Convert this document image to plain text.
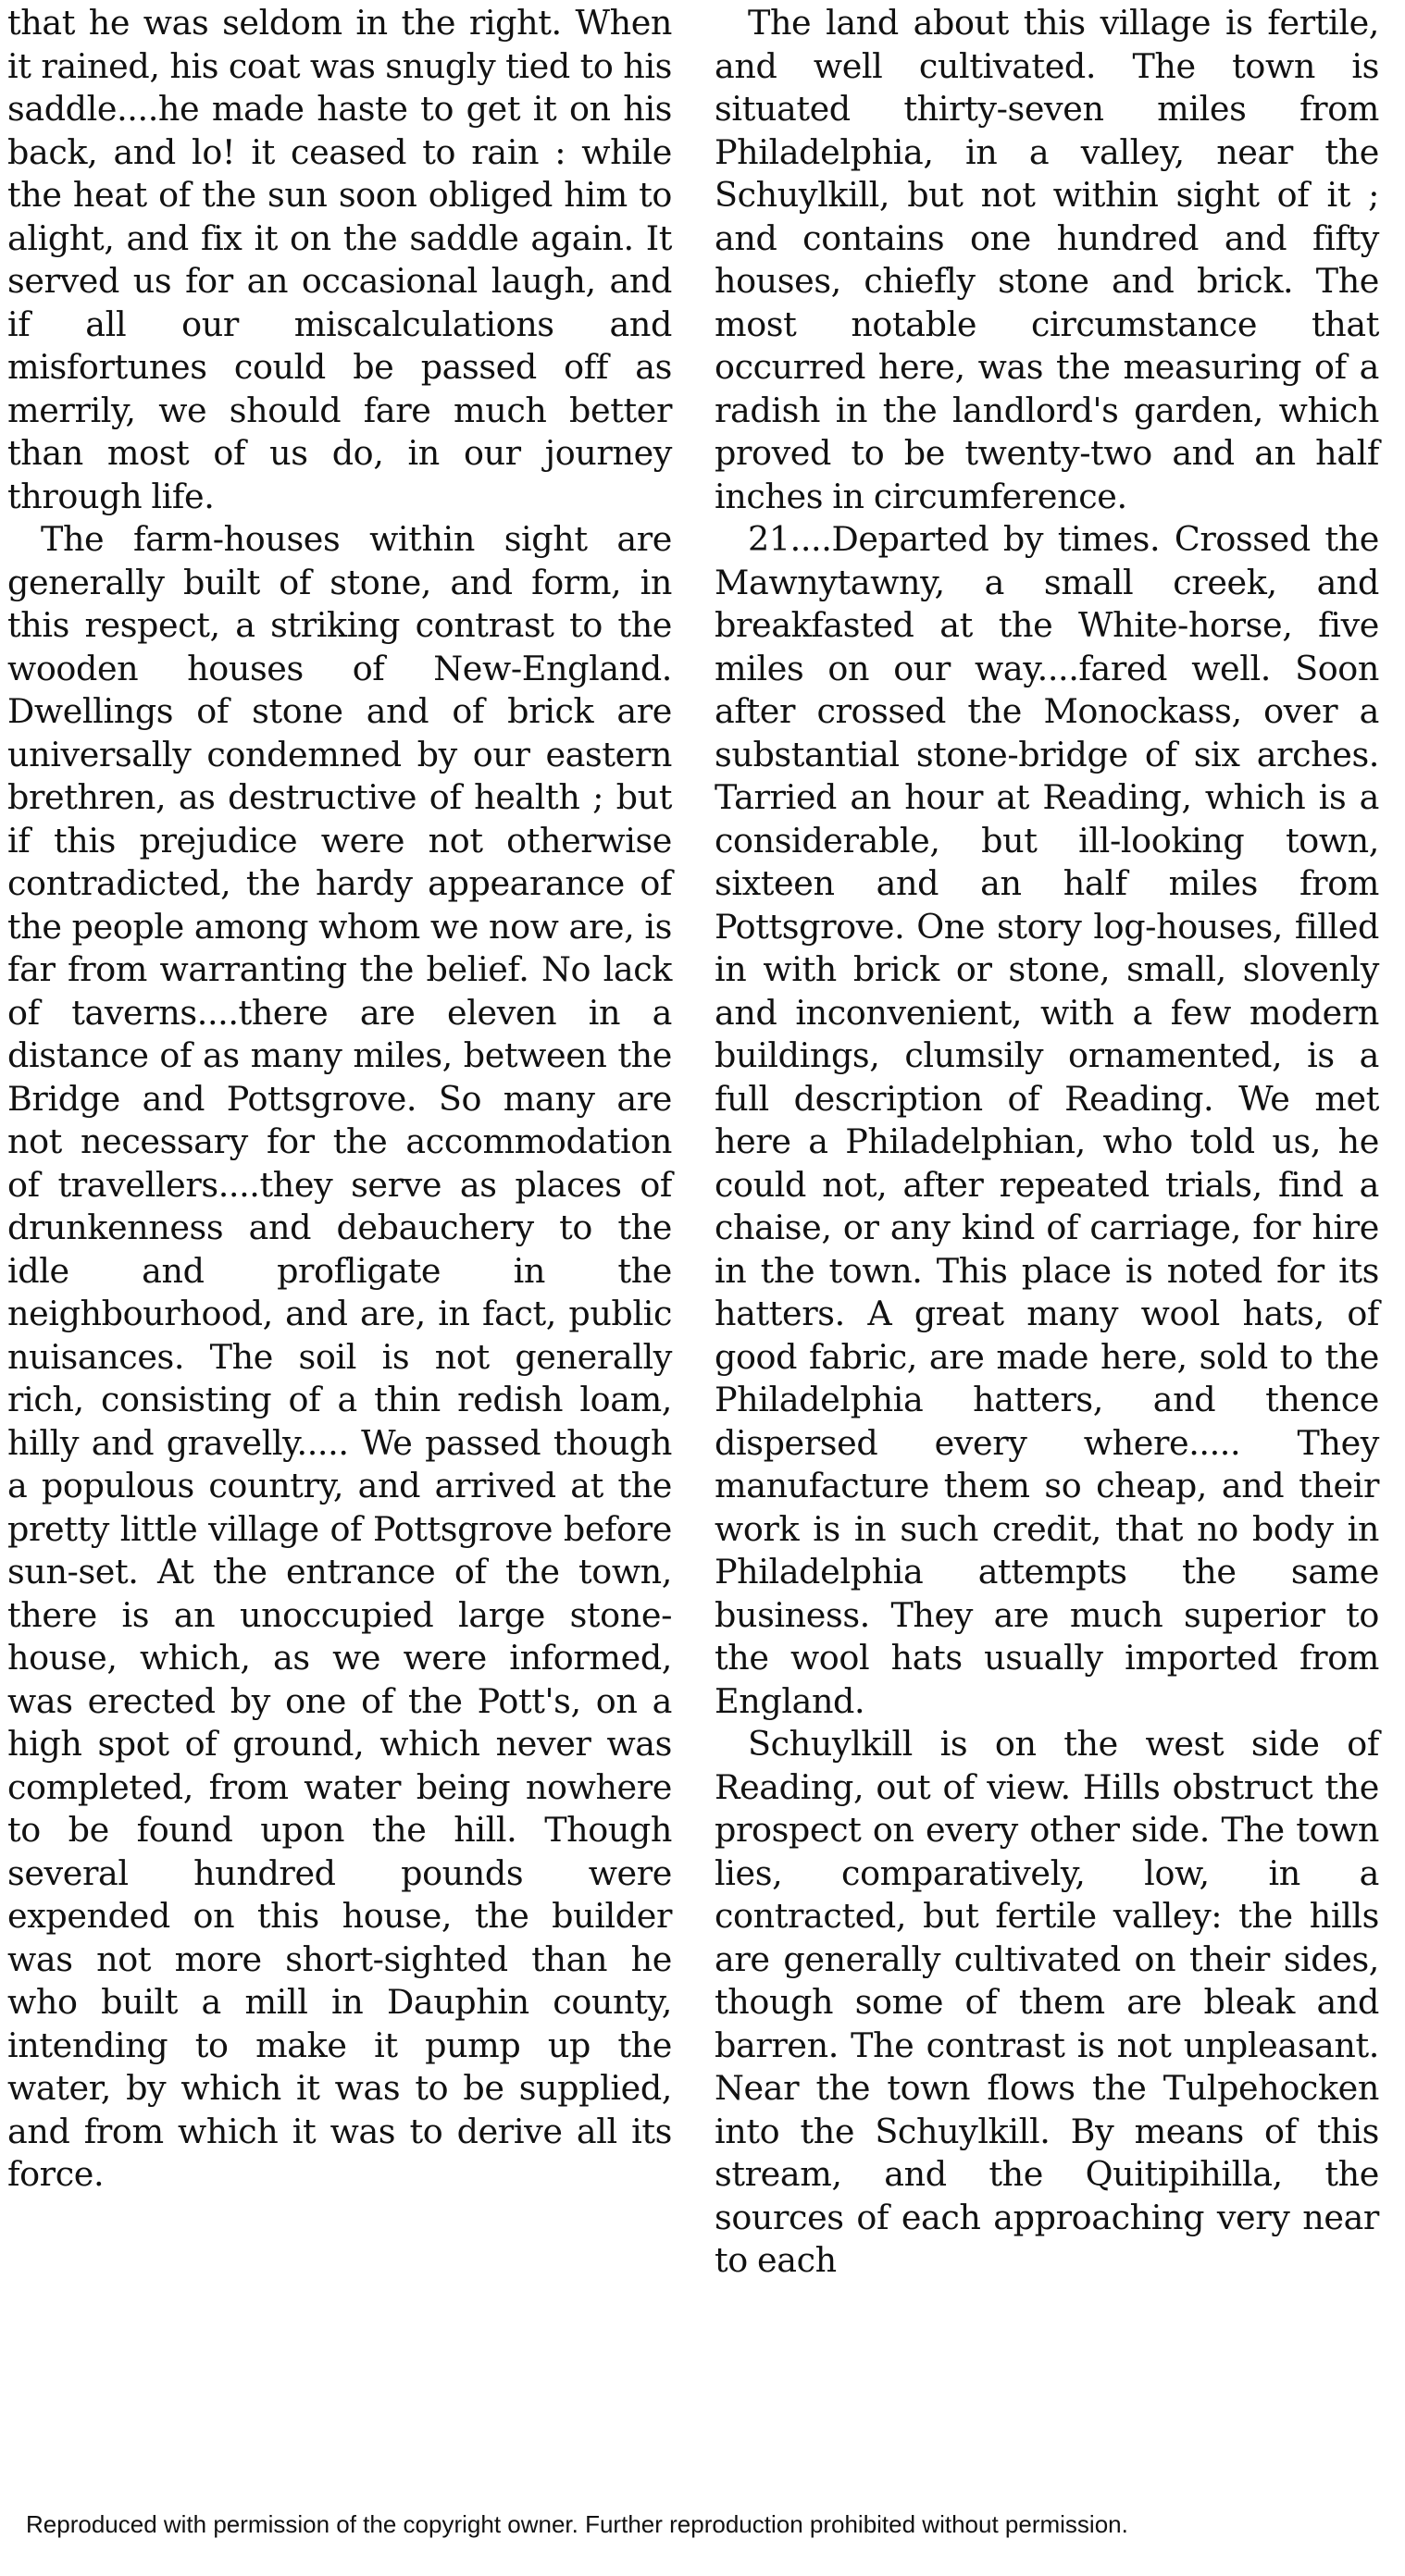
that he was seldom in the right. When it rained, his coat was snugly tied to his saddle....he made haste to get it on his back, and lo! it ceased to rain : while the heat of the sun soon obliged him to alight, and fix it on the saddle again. It served us for an occasional laugh, and if all our miscalculations and misfortunes could be passed off as merrily, we should fare much better than most of us do, in our journey through life.

The farm-houses within sight are generally built of stone, and form, in this respect, a striking contrast to the wooden houses of New-England. Dwellings of stone and of brick are universally condemned by our eastern brethren, as destructive of health ; but if this prejudice were not otherwise contradicted, the hardy appearance of the people among whom we now are, is far from warranting the belief. No lack of taverns....there are eleven in a distance of as many miles, between the Bridge and Pottsgrove. So many are not necessary for the accommodation of travellers....they serve as places of drunkenness and debauchery to the idle and profligate in the neighbourhood, and are, in fact, public nuisances. The soil is not generally rich, consisting of a thin redish loam, hilly and gravelly..... We passed though a populous country, and arrived at the pretty little village of Pottsgrove before sun-set. At the entrance of the town, there is an unoccupied large stone-house, which, as we were informed, was erected by one of the Pott's, on a high spot of ground, which never was completed, from water being nowhere to be found upon the hill. Though several hundred pounds were expended on this house, the builder was not more short-sighted than he who built a mill in Dauphin county, intending to make it pump up the water, by which it was to be supplied, and from which it was to derive all its force.

The land about this village is fertile, and well cultivated. The town is situated thirty-seven miles from Philadelphia, in a valley, near the Schuylkill, but not within sight of it ; and contains one hundred and fifty houses, chiefly stone and brick. The most notable circumstance that occurred here, was the measuring of a radish in the landlord's garden, which proved to be twenty-two and an half inches in circumference.

21....Departed by times. Crossed the Mawnytawny, a small creek, and breakfasted at the White-horse, five miles on our way....fared well. Soon after crossed the Monockass, over a substantial stone-bridge of six arches. Tarried an hour at Reading, which is a considerable, but ill-looking town, sixteen and an half miles from Pottsgrove. One story log-houses, filled in with brick or stone, small, slovenly and inconvenient, with a few modern buildings, clumsily ornamented, is a full description of Reading. We met here a Philadelphian, who told us, he could not, after repeated trials, find a chaise, or any kind of carriage, for hire in the town. This place is noted for its hatters. A great many wool hats, of good fabric, are made here, sold to the Philadelphia hatters, and thence dispersed every where..... They manufacture them so cheap, and their work is in such credit, that no body in Philadelphia attempts the same business. They are much superior to the wool hats usually imported from England.

Schuylkill is on the west side of Reading, out of view. Hills obstruct the prospect on every other side. The town lies, comparatively, low, in a contracted, but fertile valley: the hills are generally cultivated on their sides, though some of them are bleak and barren. The contrast is not unpleasant. Near the town flows the Tulpehocken into the Schuylkill. By means of this stream, and the Quitipihilla, the sources of each approaching very near to each

Reproduced with permission of the copyright owner. Further reproduction prohibited without permission.
